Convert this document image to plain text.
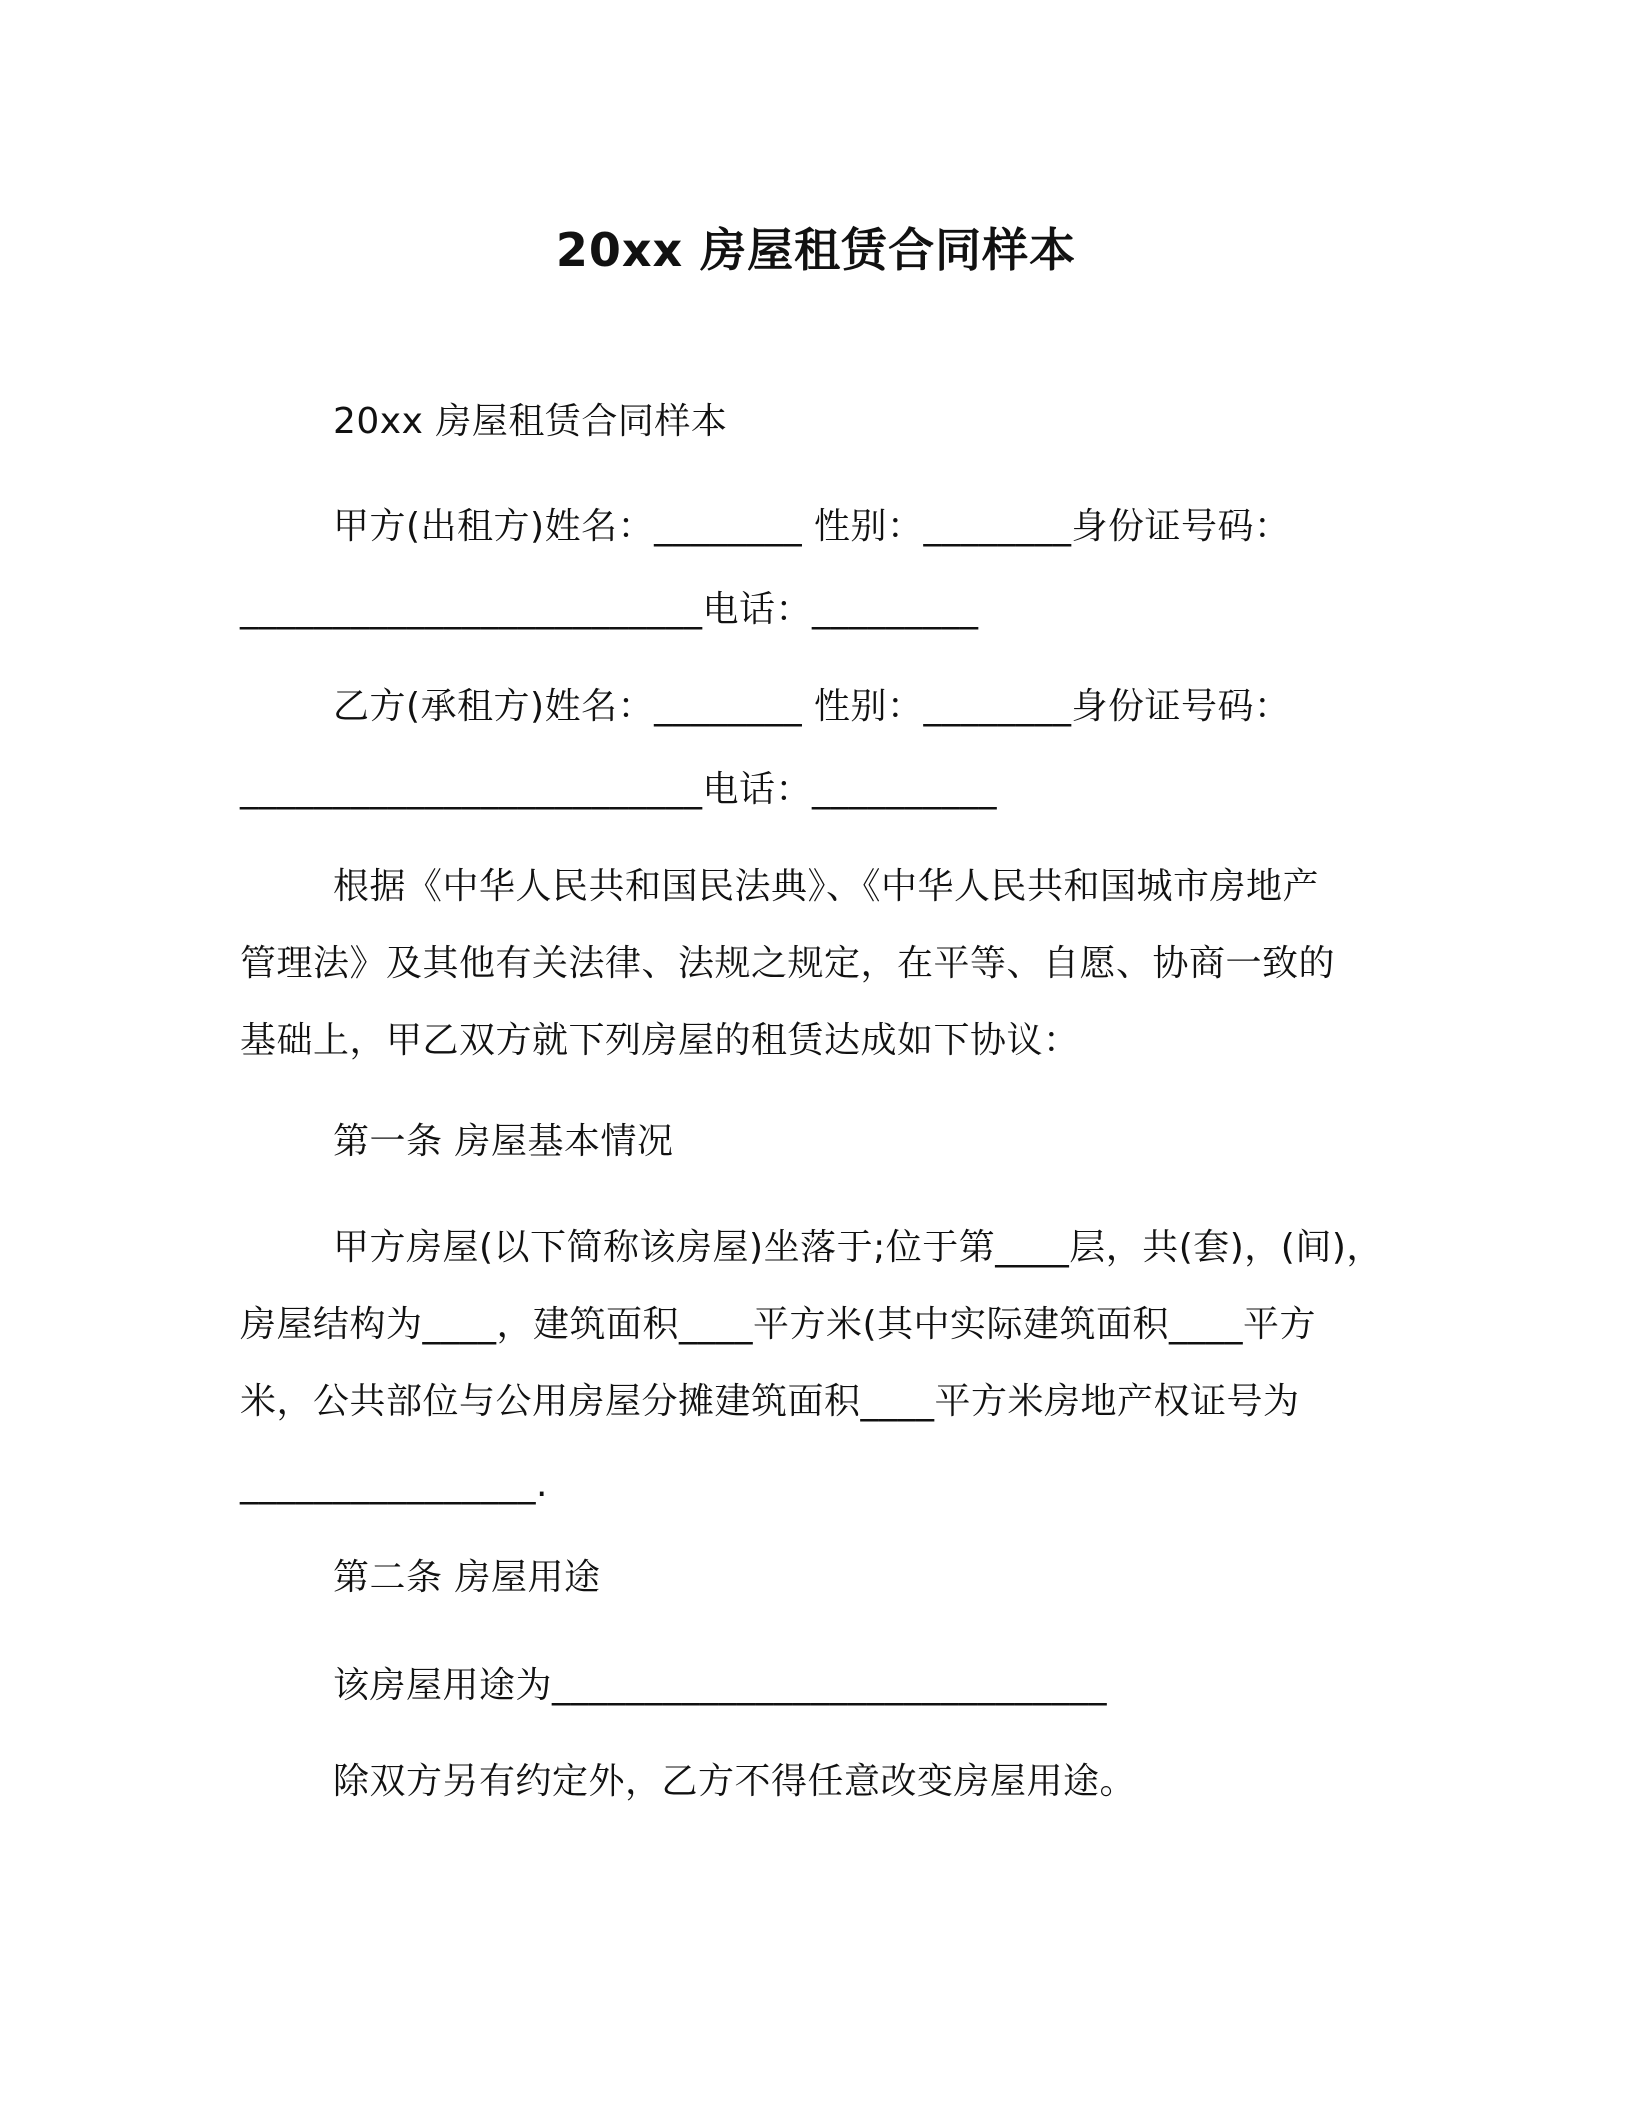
20xx 房屋租赁合同样本
20xx 房屋租赁合同样本
甲方(出租方)姓名：________ 性别：________身份证号码：
_________________________电话：_________
乙方(承租方)姓名：________ 性别：________身份证号码：
_________________________电话：__________
根据《中华人民共和国民法典》、《中华人民共和国城市房地产
管理法》及其他有关法律、法规之规定，在平等、自愿、协商一致的
基础上，甲乙双方就下列房屋的租赁达成如下协议：
第一条 房屋基本情况
甲方房屋(以下简称该房屋)坐落于;位于第____层，共(套)，(间)，
房屋结构为____，建筑面积____平方米(其中实际建筑面积____平方
米，公共部位与公用房屋分摊建筑面积____平方米房地产权证号为
________________.
第二条 房屋用途
该房屋用途为______________________________
除双方另有约定外，乙方不得任意改变房屋用途。
